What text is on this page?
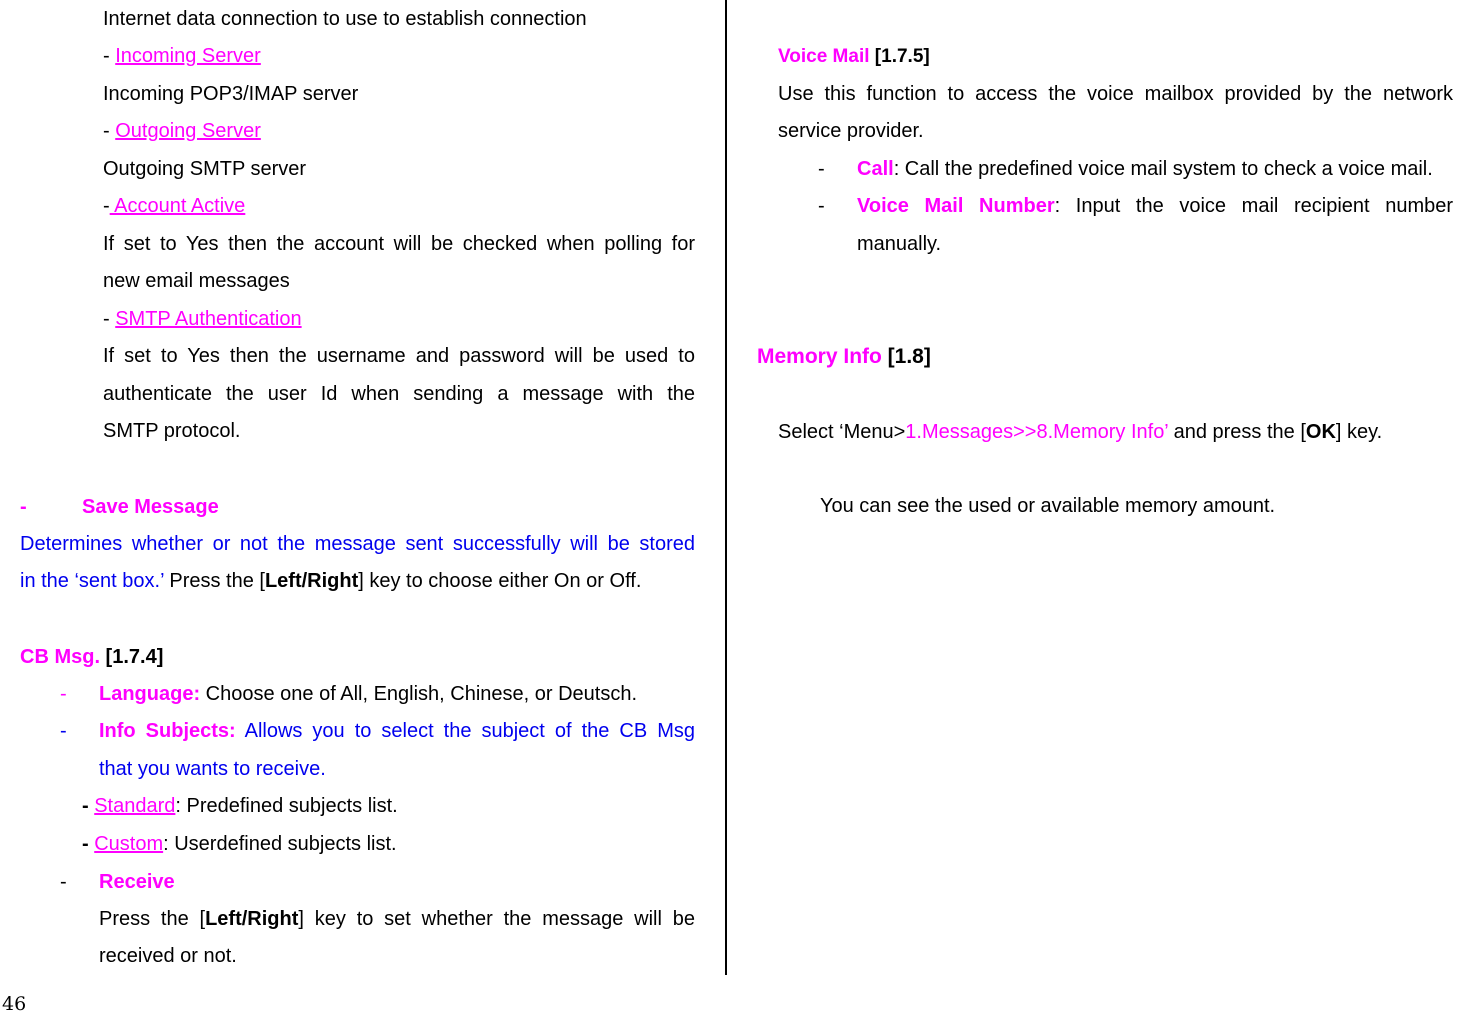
Internet data connection to use to establish connection
- Incoming Server
Incoming POP3/IMAP server
- Outgoing Server
Outgoing SMTP server
- Account Active
If set to Yes then the account will be checked when polling for
new email messages
- SMTP Authentication
If set to Yes then the username and password will be used to
authenticate the user Id when sending a message with the
SMTP protocol.
-	Save Message
Determines whether or not the message sent successfully will be stored
in the ‘sent box.’ Press the [Left/Right] key to choose either On or Off.
CB Msg. [1.7.4]
- Language: Choose one of All, English, Chinese, or Deutsch.
- Info Subjects: Allows you to select the subject of the CB Msg
that you wants to receive.
- Standard: Predefined subjects list.
- Custom: Userdefined subjects list.
- Receive
Press the [Left/Right] key to set whether the message will be
received or not.
Voice Mail [1.7.5]
Use this function to access the voice mailbox provided by the network
service provider.
- Call: Call the predefined voice mail system to check a voice mail.
- Voice Mail Number: Input the voice mail recipient number
manually.
Memory Info [1.8]
Select ‘Menu>1.Messages>>8.Memory Info’ and press the [OK] key.
You can see the used or available memory amount.
46
